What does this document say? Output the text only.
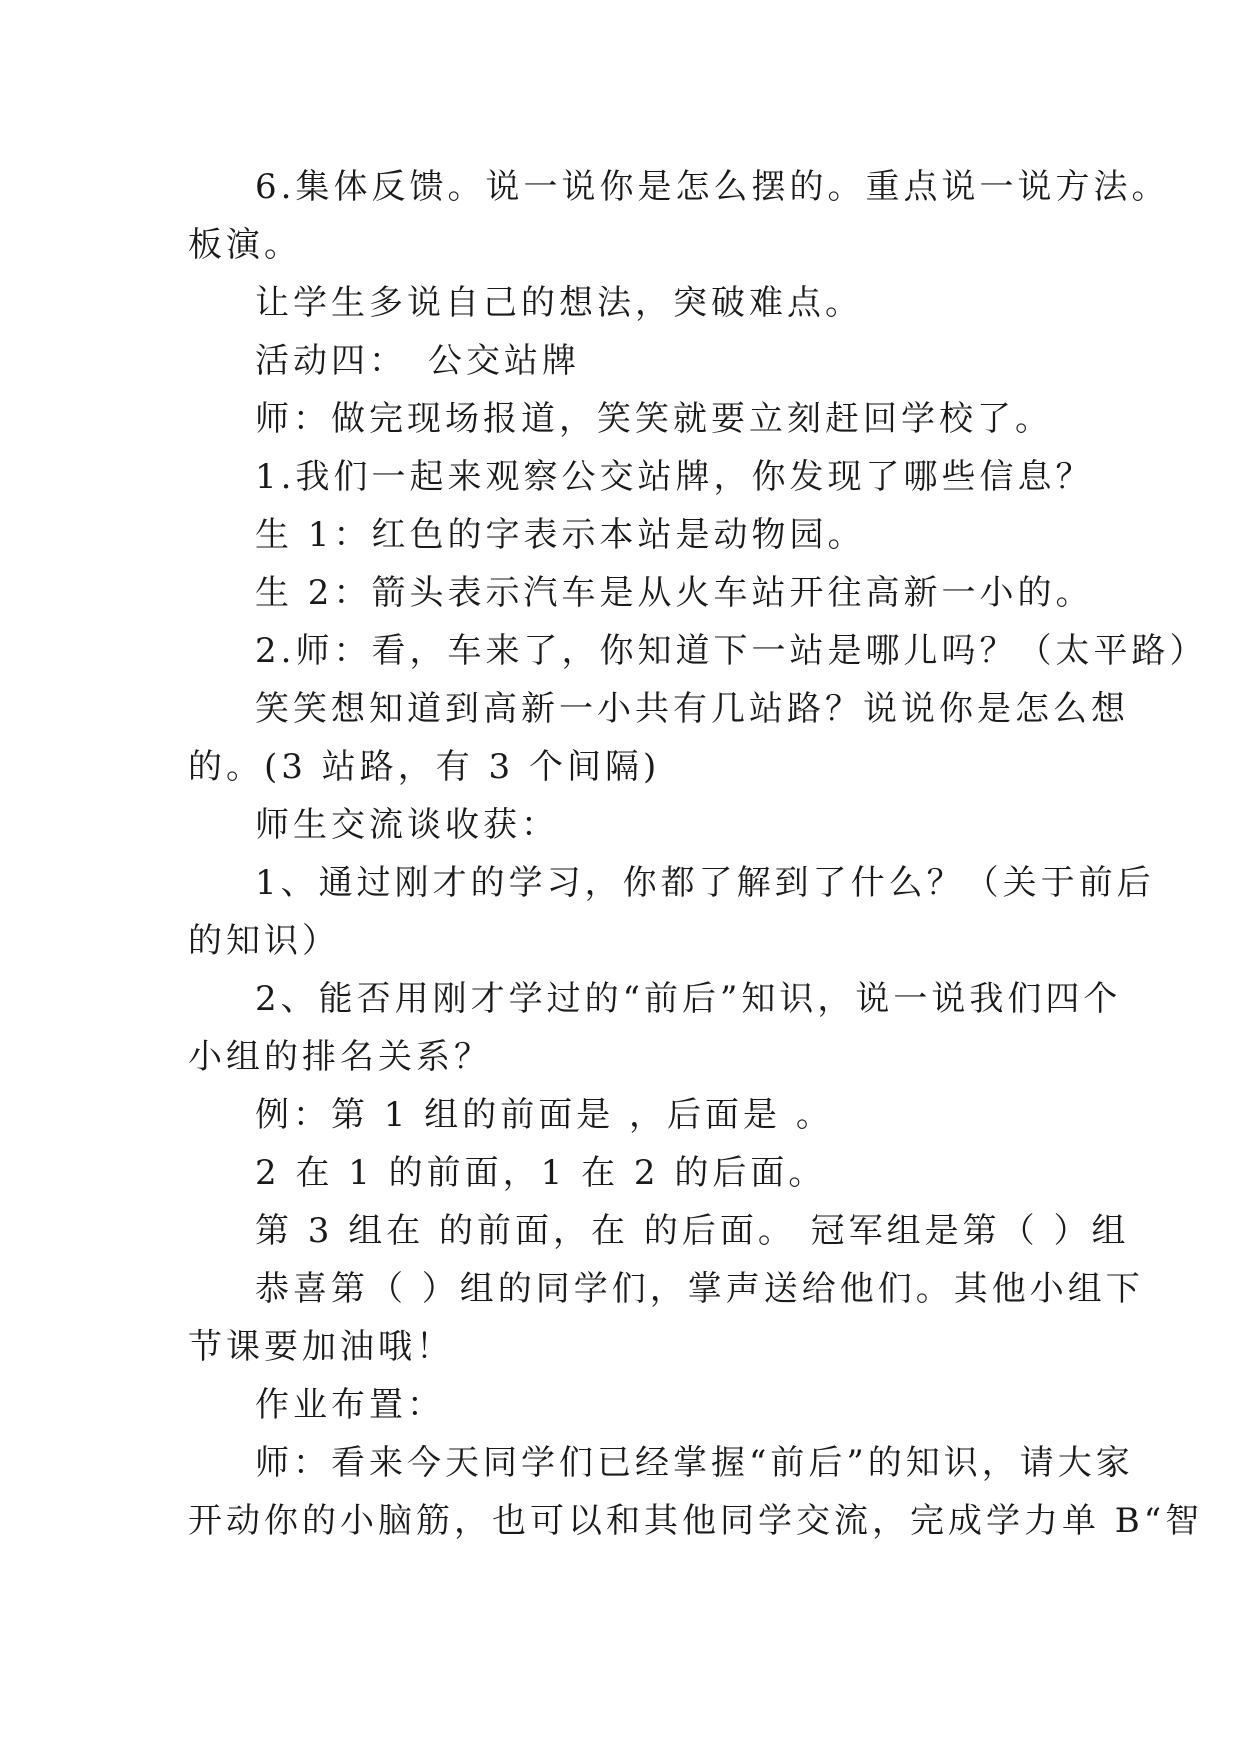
6.集体反馈。说一说你是怎么摆的。重点说一说方法。
板演。
让学生多说自己的想法，突破难点。
活动四：　公交站牌
师：做完现场报道，笑笑就要立刻赶回学校了。
1.我们一起来观察公交站牌，你发现了哪些信息？
生 1：红色的字表示本站是动物园。
生 2：箭头表示汽车是从火车站开往高新一小的。
2.师：看，车来了，你知道下一站是哪儿吗？（太平路）
笑笑想知道到高新一小共有几站路？说说你是怎么想
的。(3 站路，有 3 个间隔)
师生交流谈收获：
1、通过刚才的学习，你都了解到了什么？（关于前后
的知识）
2、能否用刚才学过的“前后”知识，说一说我们四个
小组的排名关系？
例：第 1 组的前面是 ，后面是 。
2 在 1 的前面，1 在 2 的后面。
第 3 组在 的前面，在 的后面。 冠军组是第（ ）组
恭喜第（ ）组的同学们，掌声送给他们。其他小组下
节课要加油哦！
作业布置：
师：看来今天同学们已经掌握“前后”的知识，请大家
开动你的小脑筋，也可以和其他同学交流，完成学力单 B“智
